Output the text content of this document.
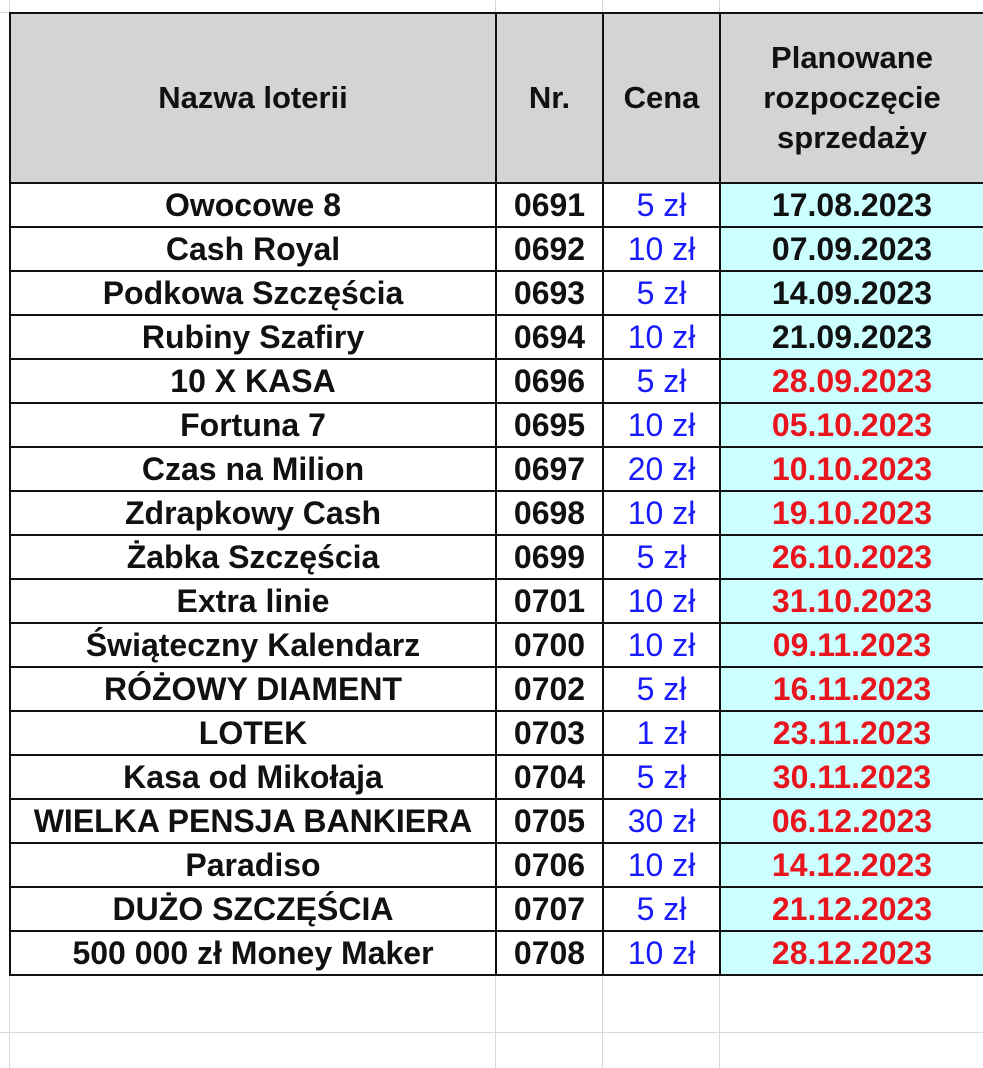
Nazwa loterii	Nr.	Cena	Planowane rozpoczęcie sprzedaży
Owocowe 8	0691	5 zł	17.08.2023
Cash Royal	0692	10 zł	07.09.2023
Podkowa Szczęścia	0693	5 zł	14.09.2023
Rubiny Szafiry	0694	10 zł	21.09.2023
10 X KASA	0696	5 zł	28.09.2023
Fortuna 7	0695	10 zł	05.10.2023
Czas na Milion	0697	20 zł	10.10.2023
Zdrapkowy Cash	0698	10 zł	19.10.2023
Żabka Szczęścia	0699	5 zł	26.10.2023
Extra linie	0701	10 zł	31.10.2023
Świąteczny Kalendarz	0700	10 zł	09.11.2023
RÓŻOWY DIAMENT	0702	5 zł	16.11.2023
LOTEK	0703	1 zł	23.11.2023
Kasa od Mikołaja	0704	5 zł	30.11.2023
WIELKA PENSJA BANKIERA	0705	30 zł	06.12.2023
Paradiso	0706	10 zł	14.12.2023
DUŻO SZCZĘŚCIA	0707	5 zł	21.12.2023
500 000 zł Money Maker	0708	10 zł	28.12.2023
